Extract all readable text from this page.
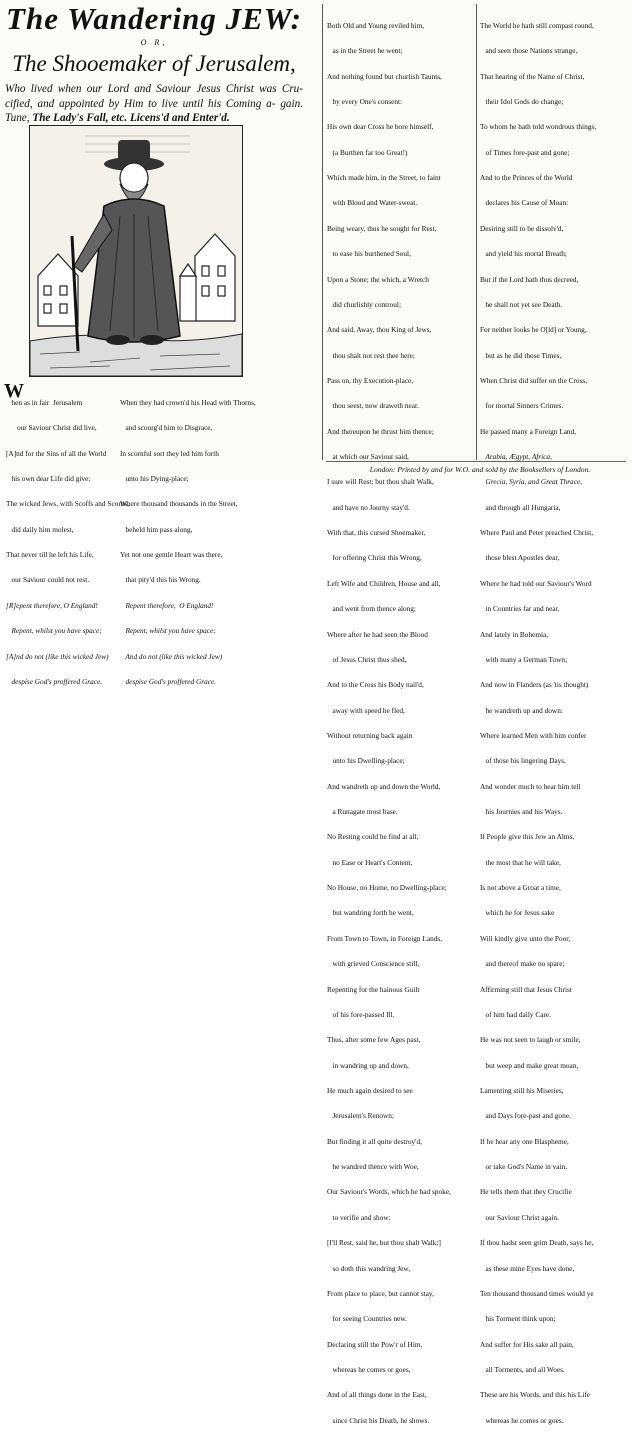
The Wandering JEW:
O R,
The Shooemaker of Jerusalem,
Who lived when our Lord and Saviour Jesus Christ was Cru- cified, and appointed by Him to live until his Coming a- gain. Tune, The Lady's Fall, etc. Licens'd and Enter'd.
W

hen as in fair  Jerusalem

our Saviour Christ did live,

[A]nd for the Sins of all the World

his own dear Life did give;

The wicked Jews, with Scoffs and Scorns,

did daily him molest,

That never till he left his Life,

our Saviour could not rest.

[R]epent therefore, O England!

Repent, whilst you have space;

[A]nd do not (like this wicked Jew)

despise God's proffered Grace.

When they had crown'd his Head with Thorns,

and scourg'd him to Disgrace,

In scornful sort they led him forth

unto his Dying-place;

Where thousand thousands in the Street,

beheld him pass along,

Yet not one gentle Heart was there,

that pity'd this his Wrong.

Repent therefore,  O England!

Repent, whilst you have space;

And do not (like this wicked Jew)

despise God's proffered Grace.

Both Old and Young reviled him,

as in the Street he went;

And nothing found but churlish Taunts,

by every One's consent:

His own dear Cross he bore himself,

(a Burthen far too Great!)

Which made him, in the Street, to faint

with Blood and Water-sweat.

Being weary, thus he sought for Rest,

to ease his burthened Soul,

Upon a Stone; the which, a Wretch

did churlishly controul;

And said, Away, thou King of Jews,

thou shalt not rest thee here;

Pass on, thy Execution-place,

thou seest, now draweth near.

And thereupon he thrust him thence;

at which our Saviour said,

I sure will Rest; but thou shalt Walk,

and have no Journy stay'd.

With that, this cursed Shoemaker,

for offering Christ this Wrong,

Left Wife and Children, House and all,

and went from thence along;

Where after he had seen the Blood

of Jesus Christ thus shed,

And to the Cross his Body nail'd,

away with speed he fled,

Without returning back again

unto his Dwelling-place;

And wandreth up and down the World,

a Runagate most base.

No Resting could he find at all,

no Ease or Heart's Content,

No House, no Home, no Dwelling-place;

but wandring forth he went,

From Town to Town, in Foreign Lands,

with grieved Conscience still,

Repenting for the hainous Guilt

of his fore-passed Ill.

Thus, after some few Ages past,

in wandring up and down,

He much again desired to see

Jerusalem's Renown;

But finding it all quite destroy'd,

he wandred thence with Woe,

Our Saviour's Words, which he had spoke,

to verifie and show:

[I'll Rest, said he, but thou shalt Walk;]

so doth this wandring Jew,

From place to place, but cannot stay,

for seeing Countries new.

Declaring still the Pow'r of Him,

whereas he comes or goes,

And of all things done in the East,

since Christ his Death, he shows.

The World he hath still compast round,

and seen those Nations strange,

That hearing of the Name of Christ,

their Idol Gods do change;

To whom he hath told wondrous things,

of Times fore-past and gone;

And to the Princes of the World

declares his Cause of Moan:

Desiring still to be dissolv'd,

and yield his mortal Breath;

But if the Lord hath thus decreed,

he shall not yet see Death.

For neither looks he O[ld] or Young,

but as he did those Times,

When Christ did suffer on the Cross,

for mortal Sinners Crimes.

He passed many a Foreign Land,

Arabia, Ægypt, Africa,

Grecia, Syria, and Great Thrace,

and through all Hungaria,

Where Paul and Peter preached Christ,

those blest Apostles dear,

Where he had told our Saviour's Word

in Countries far and near.

And lately in Bohemia,

with many a German Town;

And now in Flanders (as 'tis thought)

he wandreth up and down:

Where learned Men with him confer

of those his lingering Days,

And wonder much to hear him tell

his Journies and his Ways.

If People give this Jew an Alms,

the most that he will take,

Is not above a Groat a time,

which he for Jesus sake

Will kindly give unto the Poor,

and thereof make no spare;

Affirming still that Jesus Christ

of him had daily Care.

He was not seen to laugh or smile,

but weep and make great moan,

Lamenting still his Miseries,

and Days fore-past and gone.

If he hear any one Blaspheme,

or take God's Name in vain,

He tells them that they Crucifie

our Saviour Christ again.

If thou hadst seen grim Death, says he,

as these mine Eyes have done,

Ten thousand thousand times would ye

his Torment think upon;

And suffer for His sake all pain,

all Torments, and all Woes.

These are his Words, and this his Life

whereas he comes or goes.

London: Printed by and for W.O. and sold by the Booksellers of London.
